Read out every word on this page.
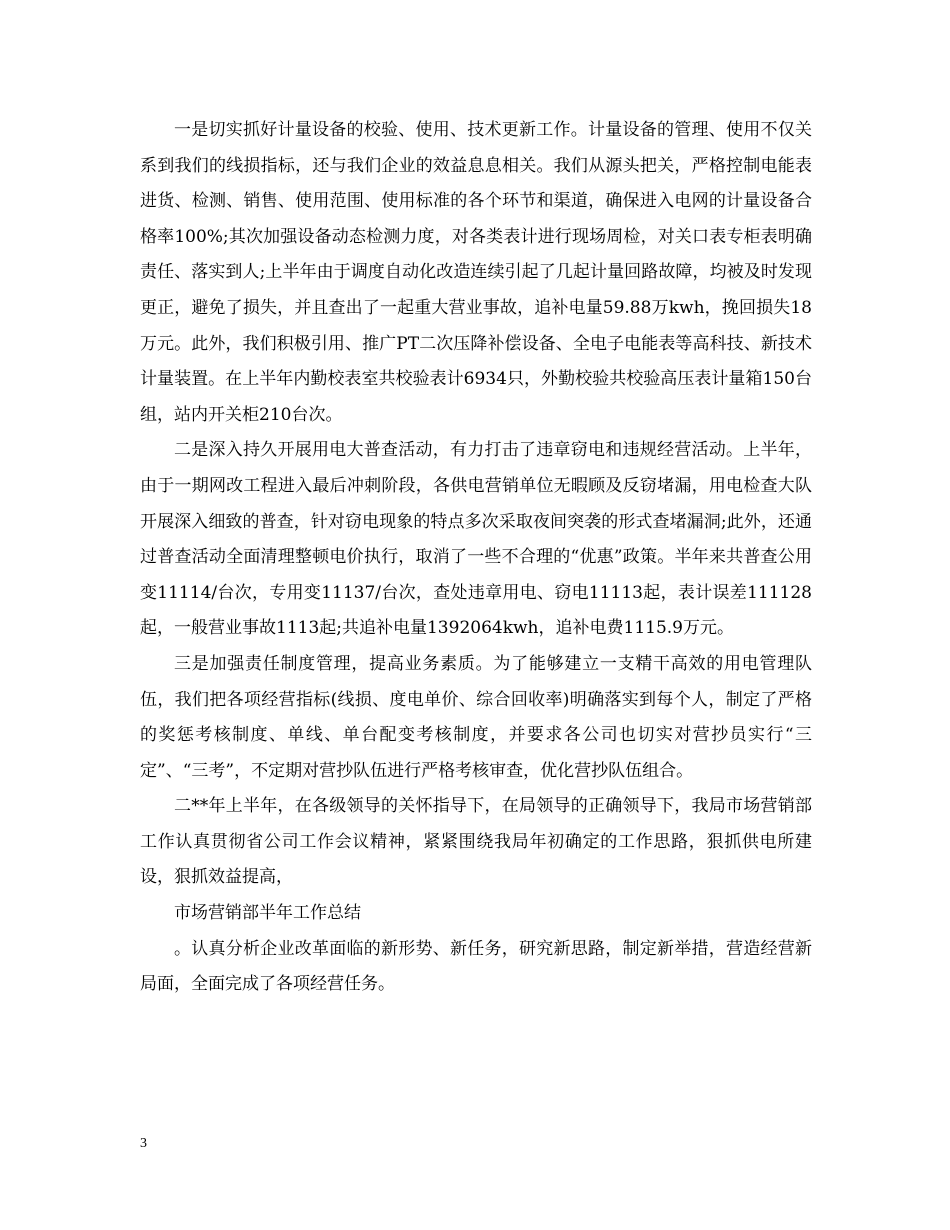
一是切实抓好计量设备的校验、使用、技术更新工作。计量设备的管理、使用不仅关系到我们的线损指标，还与我们企业的效益息息相关。我们从源头把关，严格控制电能表进货、检测、销售、使用范围、使用标准的各个环节和渠道，确保进入电网的计量设备合格率100%;其次加强设备动态检测力度，对各类表计进行现场周检，对关口表专柜表明确责任、落实到人;上半年由于调度自动化改造连续引起了几起计量回路故障，均被及时发现更正，避免了损失，并且查出了一起重大营业事故，追补电量59.88万kwh，挽回损失18万元。此外，我们积极引用、推广PT二次压降补偿设备、全电子电能表等高科技、新技术计量装置。在上半年内勤校表室共校验表计6934只，外勤校验共校验高压表计量箱150台组，站内开关柜210台次。

二是深入持久开展用电大普查活动，有力打击了违章窃电和违规经营活动。上半年，由于一期网改工程进入最后冲刺阶段，各供电营销单位无暇顾及反窃堵漏，用电检查大队开展深入细致的普查，针对窃电现象的特点多次采取夜间突袭的形式查堵漏洞;此外，还通过普查活动全面清理整顿电价执行，取消了一些不合理的“优惠”政策。半年来共普查公用变11114/台次，专用变11137/台次，查处违章用电、窃电11113起，表计误差111128起，一般营业事故1113起;共追补电量1392064kwh，追补电费1115.9万元。

三是加强责任制度管理，提高业务素质。为了能够建立一支精干高效的用电管理队伍，我们把各项经营指标(线损、度电单价、综合回收率)明确落实到每个人，制定了严格的奖惩考核制度、单线、单台配变考核制度，并要求各公司也切实对营抄员实行“三定”、“三考”，不定期对营抄队伍进行严格考核审查，优化营抄队伍组合。

二**年上半年，在各级领导的关怀指导下，在局领导的正确领导下，我局市场营销部工作认真贯彻省公司工作会议精神，紧紧围绕我局年初确定的工作思路，狠抓供电所建设，狠抓效益提高，

市场营销部半年工作总结

。认真分析企业改革面临的新形势、新任务，研究新思路，制定新举措，营造经营新局面，全面完成了各项经营任务。

3
